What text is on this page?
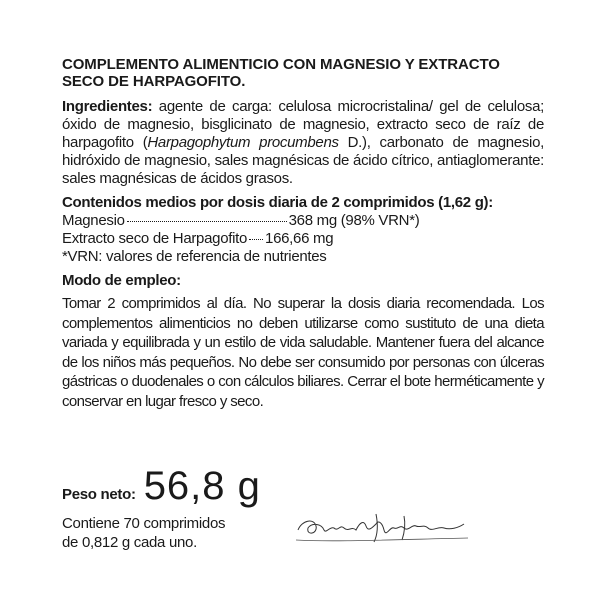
COMPLEMENTO ALIMENTICIO CON MAGNESIO Y EXTRACTO SECO DE HARPAGOFITO.

Ingredientes: agente de carga: celulosa microcristalina/ gel de celulosa; óxido de magnesio, bisglicinato de magnesio, extracto seco de raíz de harpagofito (Harpagophytum procumbens D.), carbonato de magnesio, hidróxido de magnesio, sales magnésicas de ácido cítrico, antiaglomerante: sales magnésicas de ácidos grasos.

Contenidos medios por dosis diaria de 2 comprimidos (1,62 g):

Magnesio	368 mg (98% VRN*)
Extracto seco de Harpagofito 166,66 mg
*VRN: valores de referencia de nutrientes

Modo de empleo:

Tomar 2 comprimidos al día. No superar la dosis diaria recomendada. Los complementos alimenticios no deben utilizarse como sustituto de una dieta variada y equilibrada y un estilo de vida saludable. Mantener fuera del alcance de los niños más pequeños. No debe ser consumido por personas con úlceras gástricas o duodenales o con cálculos biliares. Cerrar el bote herméticamente y conservar en lugar fresco y seco.

Peso neto: 56,8 g
Contiene 70 comprimidos
de 0,812 g cada uno.
